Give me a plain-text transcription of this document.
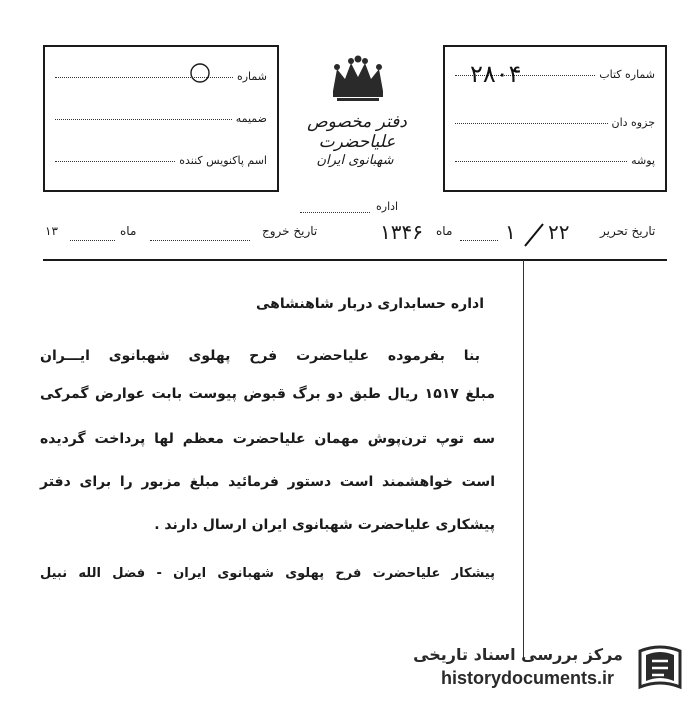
شماره کتاب
جزوه دان
پوشه
۲۸۰۴
شماره
ضمیمه
اسم پاکنویس کننده
دفتر مخصوص علیاحضرت
شهبانوی ایران
اداره
تاریخ تحریر
۲۲
۱
ماه
۱۳۴۶
تاریخ خروج
ماه
۱۳
اداره حسابداری دربار شاهنشاهی
بنا بفرموده علیاحضرت فرح پهلوی شهبانوی ایـــران
مبلغ ۱۵۱۷ ریال طبق دو برگ قبوض پیوست بابت عوارض گمرکی
سه توپ ترن‌پوش مهمان علیاحضرت معظم لها پرداخت گردیده
است خواهشمند است دستور فرمائید مبلغ مزبور را برای دفتر
پیشکاری علیاحضرت شهبانوی ایران ارسال دارند .
پیشکار علیاحضرت فرح پهلوی شهبانوی ایران - فضل الله نبیل
مرکز بررسی اسناد تاریخی
historydocuments.ir
